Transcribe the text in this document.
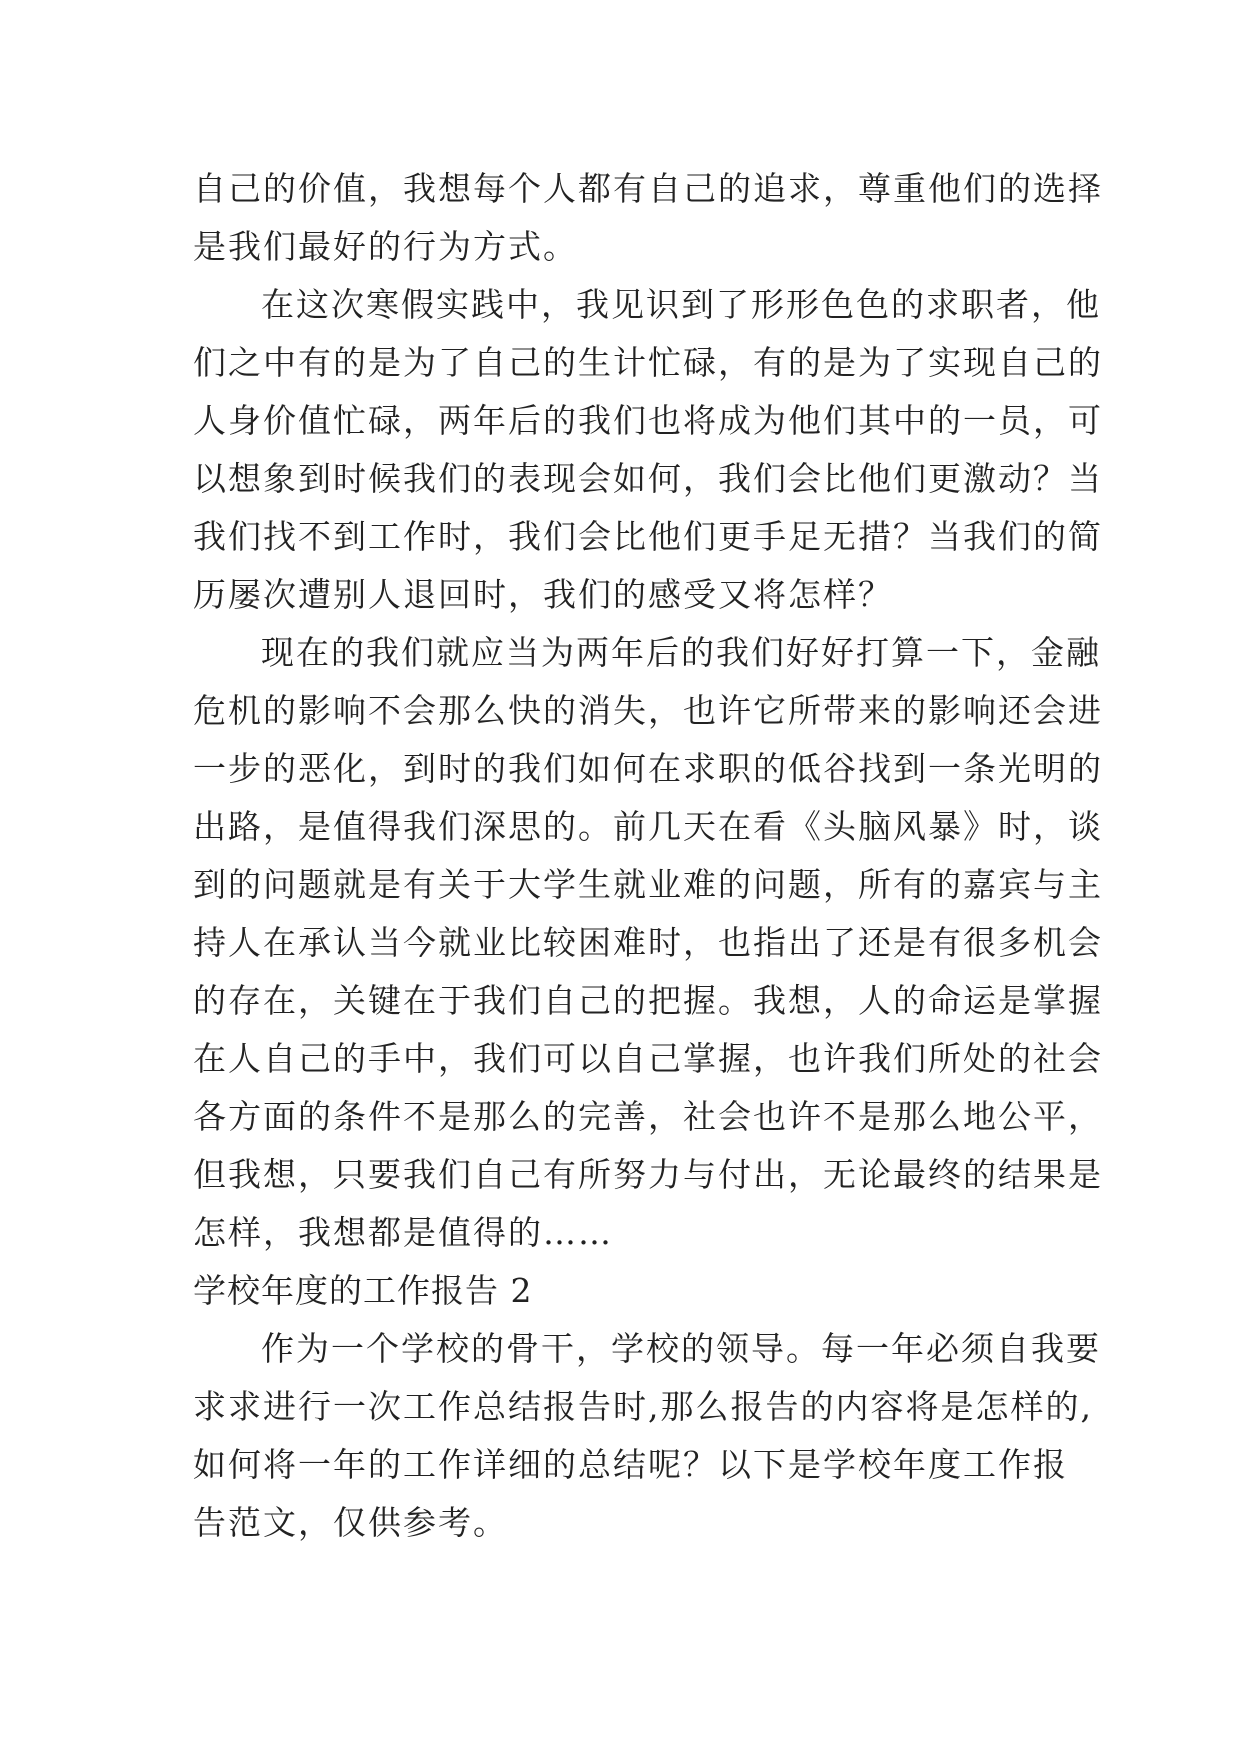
自己的价值，我想每个人都有自己的追求，尊重他们的选择
是我们最好的行为方式。
在这次寒假实践中，我见识到了形形色色的求职者，他
们之中有的是为了自己的生计忙碌，有的是为了实现自己的
人身价值忙碌，两年后的我们也将成为他们其中的一员，可
以想象到时候我们的表现会如何，我们会比他们更激动？当
我们找不到工作时，我们会比他们更手足无措？当我们的简
历屡次遭别人退回时，我们的感受又将怎样？
现在的我们就应当为两年后的我们好好打算一下，金融
危机的影响不会那么快的消失，也许它所带来的影响还会进
一步的恶化，到时的我们如何在求职的低谷找到一条光明的
出路，是值得我们深思的。前几天在看《头脑风暴》时，谈
到的问题就是有关于大学生就业难的问题，所有的嘉宾与主
持人在承认当今就业比较困难时，也指出了还是有很多机会
的存在，关键在于我们自己的把握。我想，人的命运是掌握
在人自己的手中，我们可以自己掌握，也许我们所处的社会
各方面的条件不是那么的完善，社会也许不是那么地公平，
但我想，只要我们自己有所努力与付出，无论最终的结果是
怎样，我想都是值得的……
学校年度的工作报告 2
作为一个学校的骨干，学校的领导。每一年必须自我要
求求进行一次工作总结报告时,那么报告的内容将是怎样的,
如何将一年的工作详细的总结呢？以下是学校年度工作报
告范文，仅供参考。
